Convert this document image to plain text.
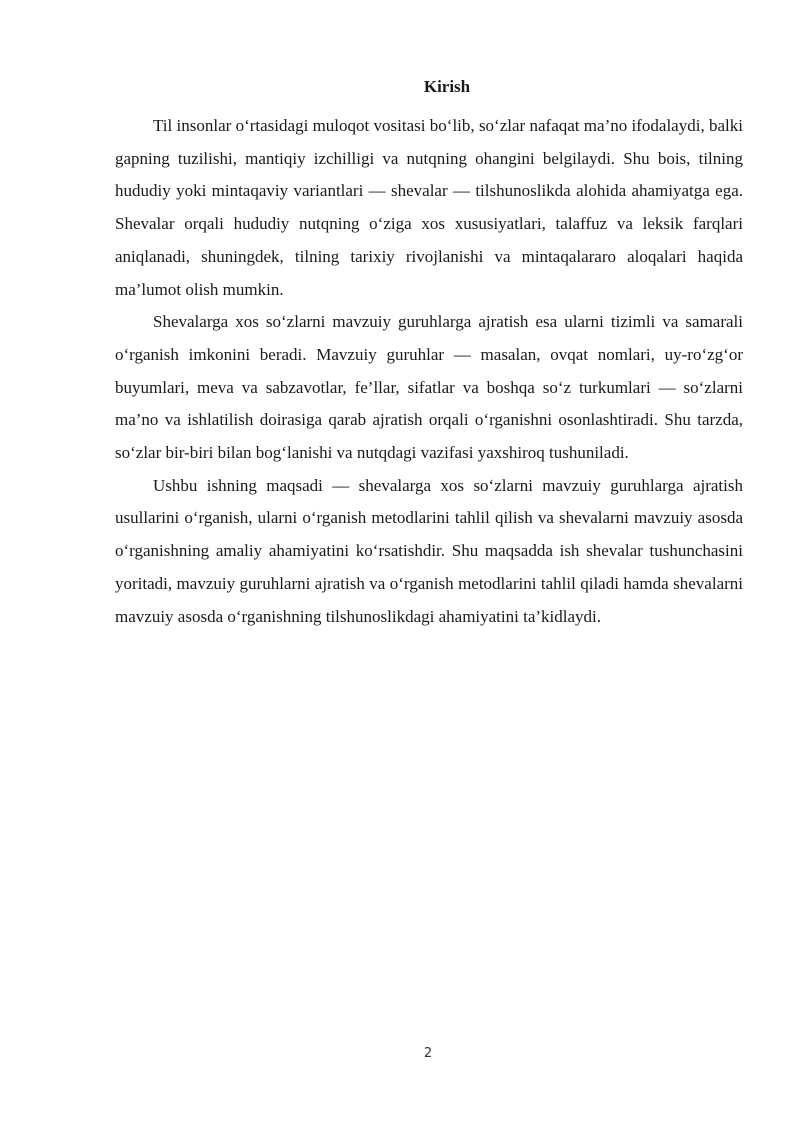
Kirish

Til insonlar o‘rtasidagi muloqot vositasi bo‘lib, so‘zlar nafaqat ma’no ifodalaydi, balki gapning tuzilishi, mantiqiy izchilligi va nutqning ohangini belgilaydi. Shu bois, tilning hududiy yoki mintaqaviy variantlari — shevalar — tilshunoslikda alohida ahamiyatga ega. Shevalar orqali hududiy nutqning o‘ziga xos xususiyatlari, talaffuz va leksik farqlari aniqlanadi, shuningdek, tilning tarixiy rivojlanishi va mintaqalararo aloqalari haqida ma’lumot olish mumkin.

Shevalarga xos so‘zlarni mavzuiy guruhlarga ajratish esa ularni tizimli va samarali o‘rganish imkonini beradi. Mavzuiy guruhlar — masalan, ovqat nomlari, uy-ro‘zg‘or buyumlari, meva va sabzavotlar, fe’llar, sifatlar va boshqa so‘z turkumlari — so‘zlarni ma’no va ishlatilish doirasiga qarab ajratish orqali o‘rganishni osonlashtiradi. Shu tarzda, so‘zlar bir-biri bilan bog‘lanishi va nutqdagi vazifasi yaxshiroq tushuniladi.

Ushbu ishning maqsadi — shevalarga xos so‘zlarni mavzuiy guruhlarga ajratish usullarini o‘rganish, ularni o‘rganish metodlarini tahlil qilish va shevalarni mavzuiy asosda o‘rganishning amaliy ahamiyatini ko‘rsatishdir. Shu maqsadda ish shevalar tushunchasini yoritadi, mavzuiy guruhlarni ajratish va o‘rganish metodlarini tahlil qiladi hamda shevalarni mavzuiy asosda o‘rganishning tilshunoslikdagi ahamiyatini ta’kidlaydi.

2
